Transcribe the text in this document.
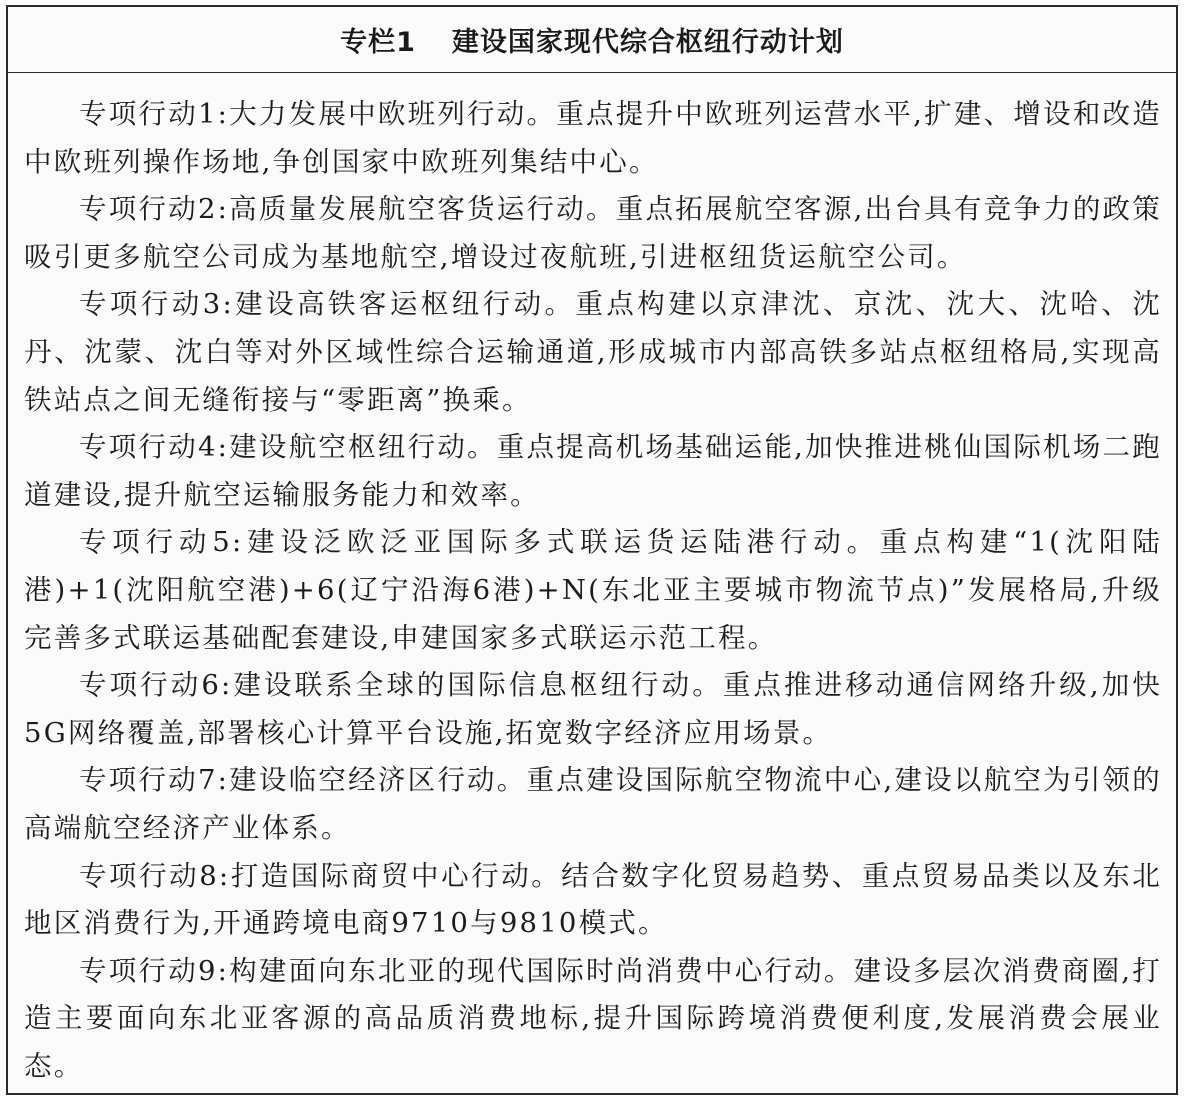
专栏1 建设国家现代综合枢纽行动计划

专项行动1:大力发展中欧班列行动。重点提升中欧班列运营水平,扩建、增设和改造中欧班列操作场地,争创国家中欧班列集结中心。

专项行动2:高质量发展航空客货运行动。重点拓展航空客源,出台具有竞争力的政策吸引更多航空公司成为基地航空,增设过夜航班,引进枢纽货运航空公司。

专项行动3:建设高铁客运枢纽行动。重点构建以京津沈、京沈、沈大、沈哈、沈丹、沈蒙、沈白等对外区域性综合运输通道,形成城市内部高铁多站点枢纽格局,实现高铁站点之间无缝衔接与“零距离”换乘。

专项行动4:建设航空枢纽行动。重点提高机场基础运能,加快推进桃仙国际机场二跑道建设,提升航空运输服务能力和效率。

专项行动5:建设泛欧泛亚国际多式联运货运陆港行动。重点构建“1(沈阳陆港)+1(沈阳航空港)+6(辽宁沿海6港)+N(东北亚主要城市物流节点)”发展格局,升级完善多式联运基础配套建设,申建国家多式联运示范工程。

专项行动6:建设联系全球的国际信息枢纽行动。重点推进移动通信网络升级,加快5G网络覆盖,部署核心计算平台设施,拓宽数字经济应用场景。

专项行动7:建设临空经济区行动。重点建设国际航空物流中心,建设以航空为引领的高端航空经济产业体系。

专项行动8:打造国际商贸中心行动。结合数字化贸易趋势、重点贸易品类以及东北地区消费行为,开通跨境电商9710与9810模式。

专项行动9:构建面向东北亚的现代国际时尚消费中心行动。建设多层次消费商圈,打造主要面向东北亚客源的高品质消费地标,提升国际跨境消费便利度,发展消费会展业态。
